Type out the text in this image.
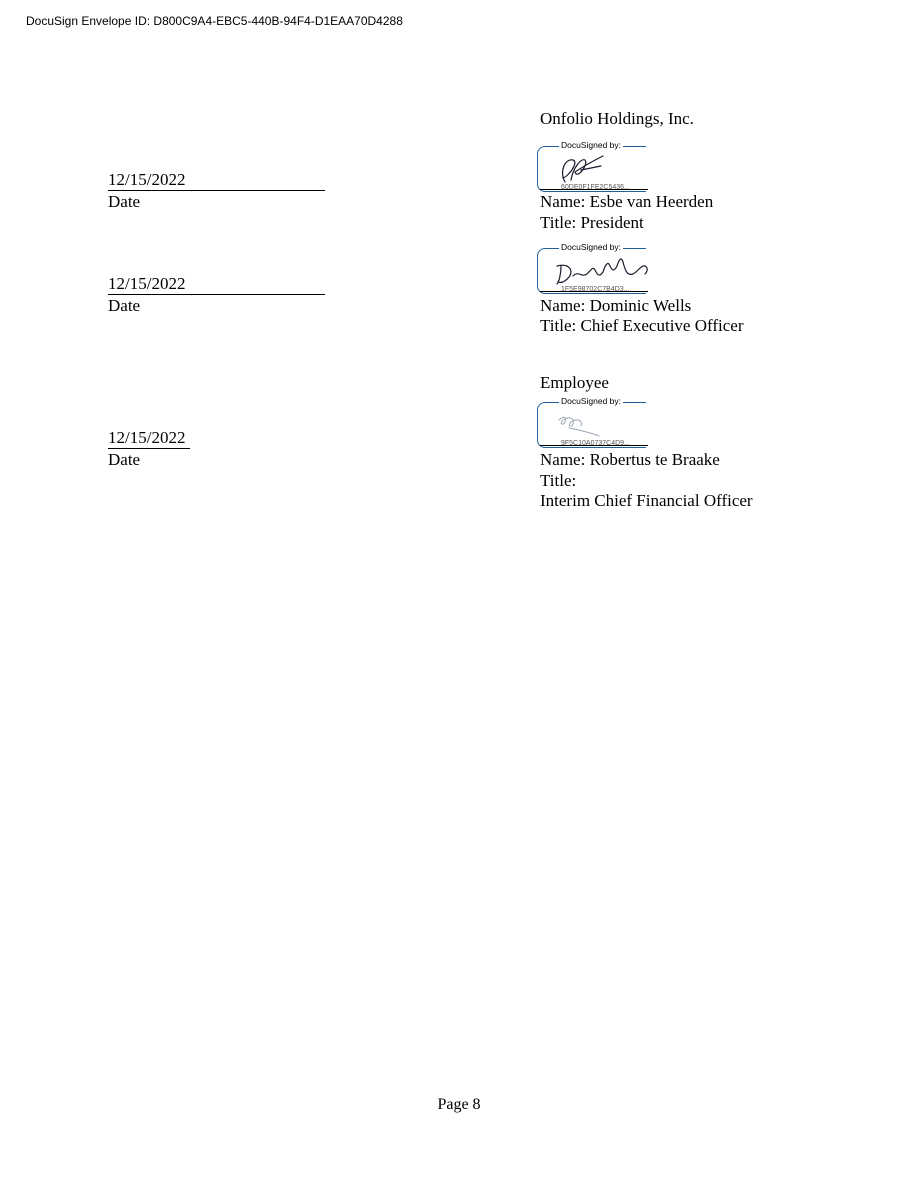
DocuSign Envelope ID: D800C9A4-EBC5-440B-94F4-D1EAA70D4288
Onfolio Holdings, Inc.
12/15/2022
Date
DocuSigned by:
60DE0F1FE2C5436...
Name: Esbe van Heerden
Title: President
12/15/2022
Date
DocuSigned by:
1F5E98702C7B4D3...
Name: Dominic Wells
Title: Chief Executive Officer
Employee
12/15/2022
Date
DocuSigned by:
9F5C10A0737C4D9...
Name: Robertus te Braake
Title:
Interim Chief Financial Officer
Page 8
